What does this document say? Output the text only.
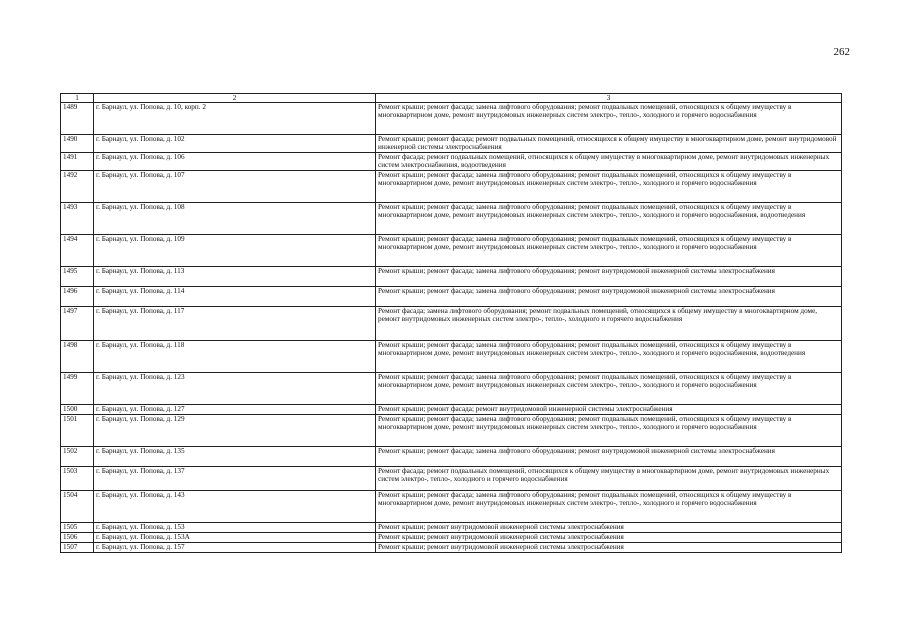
262
1	2	3
1489	г. Барнаул, ул. Попова, д. 10, корп. 2	Ремонт крыши; ремонт фасада; замена лифтового оборудования; ремонт подвальных помещений, относящихся к общему имуществу в многоквартирном доме, ремонт внутридомовых инженерных систем электро-, тепло-, холодного и горячего водоснабжения
1490	г. Барнаул, ул. Попова, д. 102	Ремонт крыши; ремонт фасада; ремонт подвальных помещений, относящихся к общему имуществу в многоквартирном доме, ремонт внутридомовой инженерной системы электроснабжения
1491	г. Барнаул, ул. Попова, д. 106	Ремонт фасада; ремонт подвальных помещений, относящихся к общему имуществу в многоквартирном доме, ремонт внутридомовых инженерных систем электроснабжения, водоотведения
1492	г. Барнаул, ул. Попова, д. 107	Ремонт крыши; ремонт фасада; замена лифтового оборудования; ремонт подвальных помещений, относящихся к общему имуществу в многоквартирном доме, ремонт внутридомовых инженерных систем электро-, тепло-, холодного и горячего водоснабжения
1493	г. Барнаул, ул. Попова, д. 108	Ремонт крыши; ремонт фасада; замена лифтового оборудования; ремонт подвальных помещений, относящихся к общему имуществу в многоквартирном доме, ремонт внутридомовых инженерных систем электро-, тепло-, холодного и горячего водоснабжения, водоотведения
1494	г. Барнаул, ул. Попова, д. 109	Ремонт крыши; ремонт фасада; замена лифтового оборудования; ремонт подвальных помещений, относящихся к общему имуществу в многоквартирном доме, ремонт внутридомовых инженерных систем электро-, тепло-, холодного и горячего водоснабжения
1495	г. Барнаул, ул. Попова, д. 113	Ремонт крыши; ремонт фасада; замена лифтового оборудования; ремонт внутридомовой инженерной системы электроснабжения
1496	г. Барнаул, ул. Попова, д. 114	Ремонт крыши; ремонт фасада; замена лифтового оборудования; ремонт внутридомовой инженерной системы электроснабжения
1497	г. Барнаул, ул. Попова, д. 117	Ремонт фасада; замена лифтового оборудования; ремонт подвальных помещений, относящихся к общему имуществу в многоквартирном доме, ремонт внутридомовых инженерных систем электро-, тепло-, холодного и горячего водоснабжения
1498	г. Барнаул, ул. Попова, д. 118	Ремонт крыши; ремонт фасада; замена лифтового оборудования; ремонт подвальных помещений, относящихся к общему имуществу в многоквартирном доме, ремонт внутридомовых инженерных систем электро-, тепло-, холодного и горячего водоснабжения, водоотведения
1499	г. Барнаул, ул. Попова, д. 123	Ремонт крыши; ремонт фасада; замена лифтового оборудования; ремонт подвальных помещений, относящихся к общему имуществу в многоквартирном доме, ремонт внутридомовых инженерных систем электро-, тепло-, холодного и горячего водоснабжения
1500	г. Барнаул, ул. Попова, д. 127	Ремонт крыши; ремонт фасада; ремонт внутридомовой инженерной системы электроснабжения
1501	г. Барнаул, ул. Попова, д. 129	Ремонт крыши; ремонт фасада; замена лифтового оборудования; ремонт подвальных помещений, относящихся к общему имуществу в многоквартирном доме, ремонт внутридомовых инженерных систем электро-, тепло-, холодного и горячего водоснабжения
1502	г. Барнаул, ул. Попова, д. 135	Ремонт крыши; ремонт фасада; замена лифтового оборудования; ремонт внутридомовой инженерной системы электроснабжения
1503	г. Барнаул, ул. Попова, д. 137	Ремонт фасада; ремонт подвальных помещений, относящихся к общему имуществу в многоквартирном доме, ремонт внутридомовых инженерных систем электро-, тепло-, холодного и горячего водоснабжения
1504	г. Барнаул, ул. Попова, д. 143	Ремонт крыши; ремонт фасада; замена лифтового оборудования; ремонт подвальных помещений, относящихся к общему имуществу в многоквартирном доме, ремонт внутридомовых инженерных систем электро-, тепло-, холодного и горячего водоснабжения
1505	г. Барнаул, ул. Попова, д. 153	Ремонт крыши; ремонт внутридомовой инженерной системы электроснабжения
1506	г. Барнаул, ул. Попова, д. 153А	Ремонт крыши; ремонт внутридомовой инженерной системы электроснабжения
1507	г. Барнаул, ул. Попова, д. 157	Ремонт крыши; ремонт внутридомовой инженерной системы электроснабжения
